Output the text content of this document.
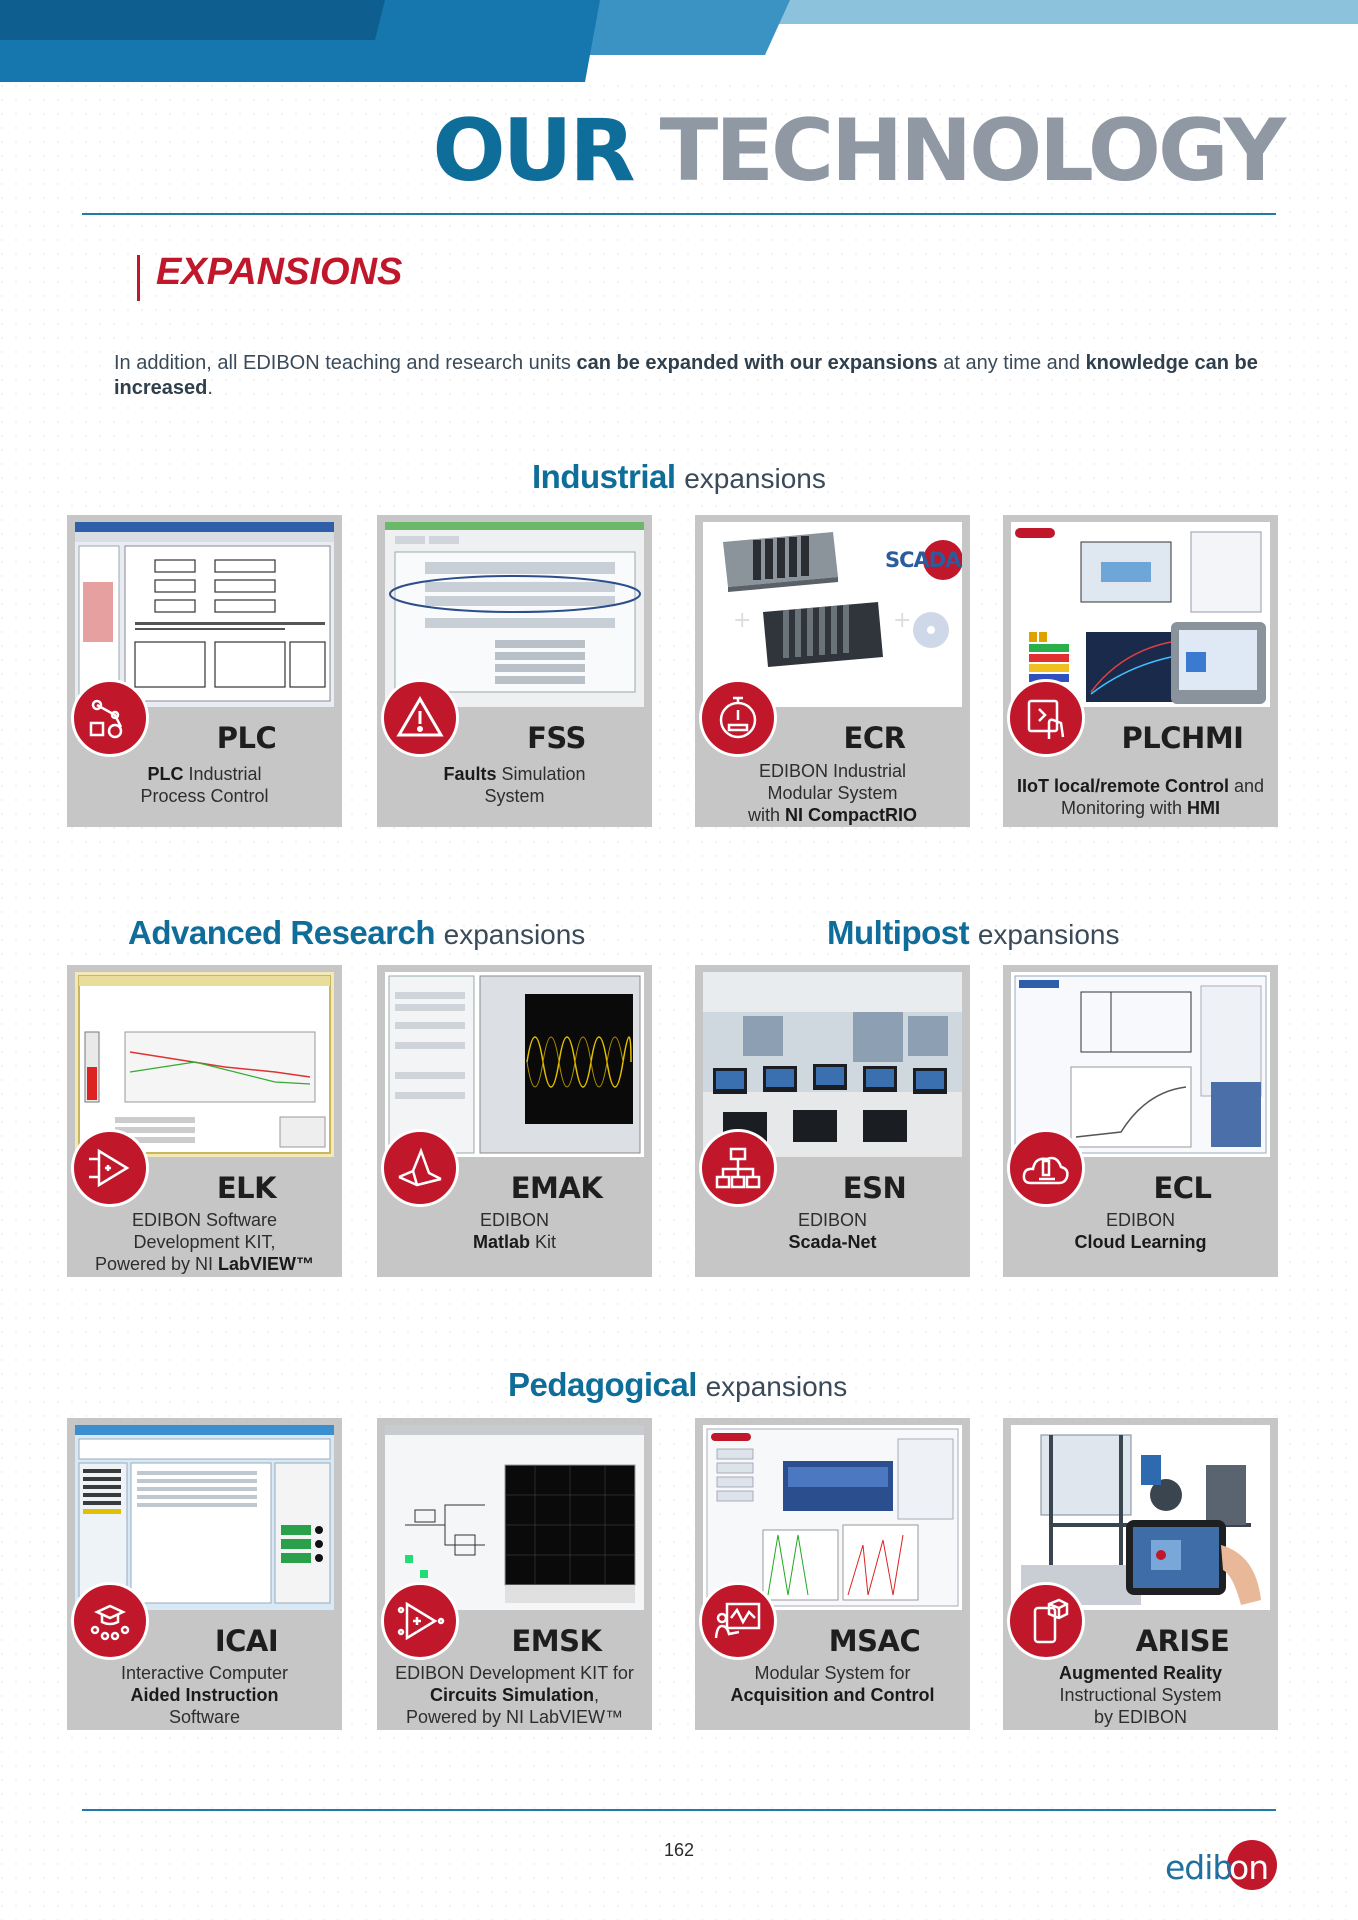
OUR TECHNOLOGY
EXPANSIONS
In addition, all EDIBON teaching and research units can be expanded with our expansions at any time and knowledge can be increased.
Industrial expansions
Advanced Research expansions	Multipost expansions
Pedagogical expansions
PLC
PLC Industrial
Process Control
FSS
Faults Simulation
System
+	+
SCADA
ECR
EDIBON Industrial
Modular System
with NI CompactRIO
PLCHMI
IIoT local/remote Control and
Monitoring with HMI
ELK
EDIBON Software
Development KIT,
Powered by NI LabVIEW™
EMAK
EDIBON
Matlab Kit
ESN
EDIBON
Scada-Net
ECL
EDIBON
Cloud Learning
ICAI
Interactive Computer
Aided Instruction
Software
EMSK
EDIBON Development KIT for
Circuits Simulation,
Powered by NI LabVIEW™
MSAC
Modular System for
Acquisition and Control
ARISE
Augmented Reality
Instructional System
by EDIBON
162	edib
on
